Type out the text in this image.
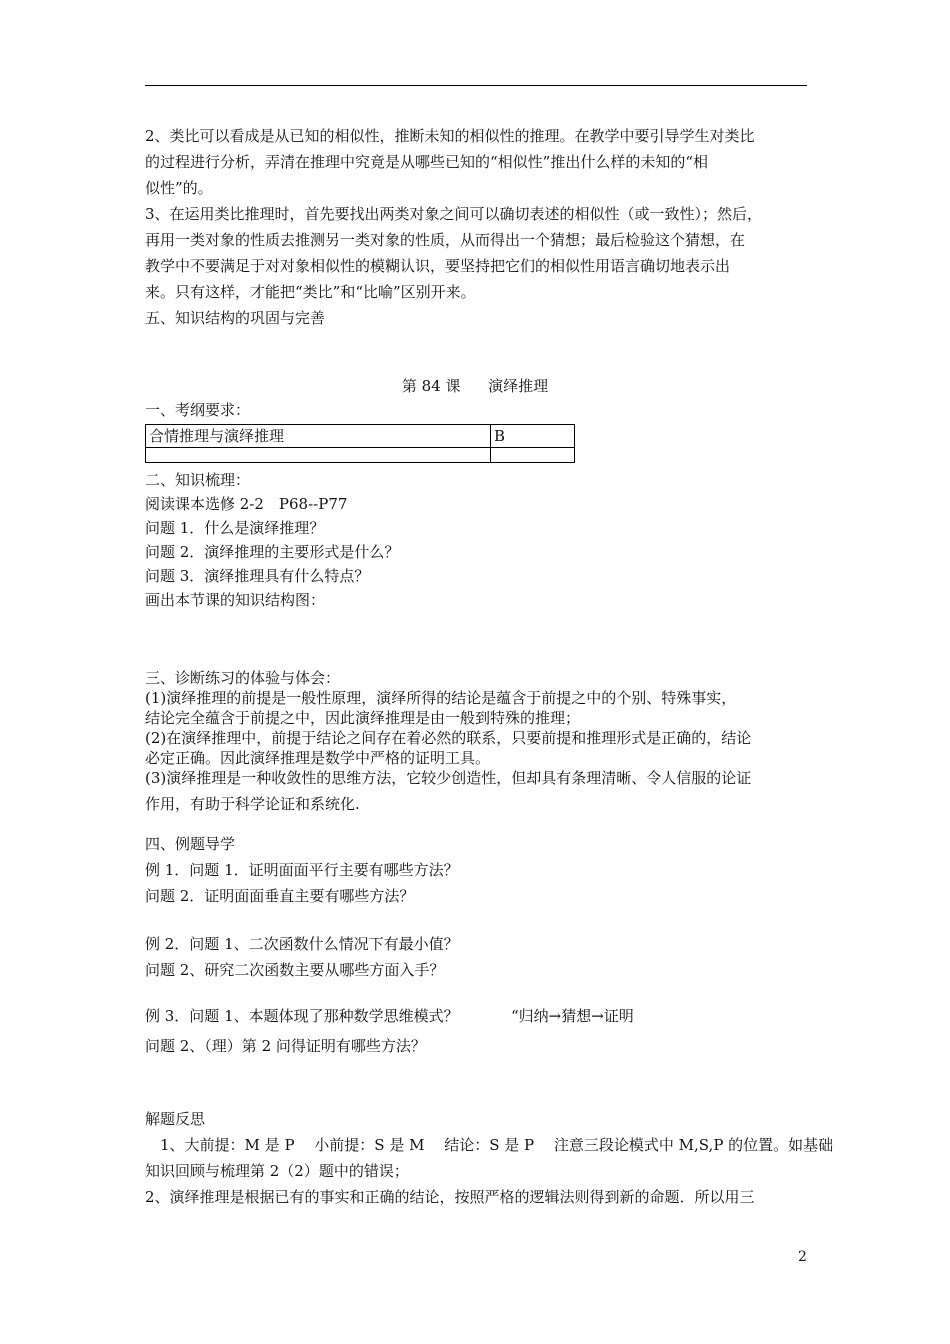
2、类比可以看成是从已知的相似性，推断未知的相似性的推理。在教学中要引导学生对类比
的过程进行分析，弄清在推理中究竟是从哪些已知的“相似性”推出什么样的未知的“相
似性”的。
3、在运用类比推理时，首先要找出两类对象之间可以确切表述的相似性（或一致性）；然后，
再用一类对象的性质去推测另一类对象的性质，从而得出一个猜想；最后检验这个猜想，在
教学中不要满足于对对象相似性的模糊认识，要坚持把它们的相似性用语言确切地表示出
来。只有这样，才能把“类比”和“比喻”区别开来。
五、知识结构的巩固与完善
第 84 课 演绎推理
一、考纲要求：
合情推理与演绎推理	B

二、知识梳理：
阅读课本选修 2-2　P68--P77
问题 1．什么是演绎推理？
问题 2．演绎推理的主要形式是什么？
问题 3．演绎推理具有什么特点？
画出本节课的知识结构图：
三、诊断练习的体验与体会：
(1)演绎推理的前提是一般性原理，演绎所得的结论是蕴含于前提之中的个别、特殊事实，
结论完全蕴含于前提之中，因此演绎推理是由一般到特殊的推理；
(2)在演绎推理中，前提于结论之间存在着必然的联系，只要前提和推理形式是正确的，结论
必定正确。因此演绎推理是数学中严格的证明工具。
(3)演绎推理是一种收敛性的思维方法，它较少创造性，但却具有条理清晰、令人信服的论证
作用，有助于科学论证和系统化.
四、例题导学
例 1．问题 1．证明面面平行主要有哪些方法？
问题 2．证明面面垂直主要有哪些方法？
例 2．问题 1、二次函数什么情况下有最小值？
问题 2、研究二次函数主要从哪些方面入手？
例 3．问题 1、本题体现了那种数学思维模式？	“归纳→猜想→证明
问题 2、（理）第 2 问得证明有哪些方法？
解题反思
　1、大前提：M 是 P　 小前提：S 是 M　 结论：S 是 P　 注意三段论模式中 M,S,P 的位置。如基础
知识回顾与梳理第 2（2）题中的错误；
2、演绎推理是根据已有的事实和正确的结论，按照严格的逻辑法则得到新的命题．所以用三
2
